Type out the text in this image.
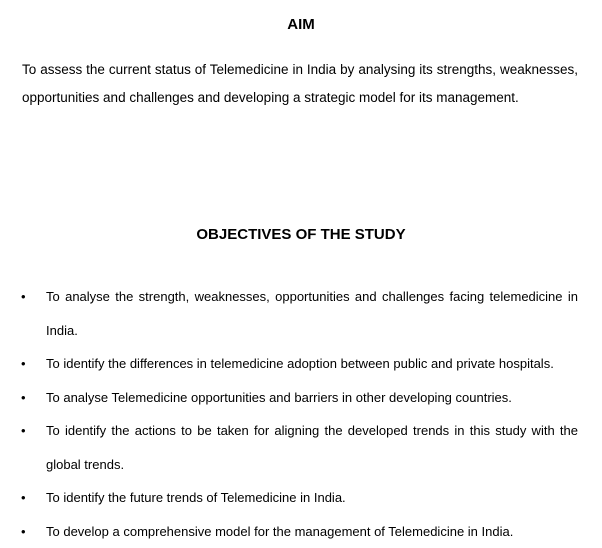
AIM

To assess the current status of Telemedicine in India by analysing its strengths, weaknesses, opportunities and challenges and developing a strategic model for its management.

OBJECTIVES OF THE STUDY
• To analyse the strength, weaknesses, opportunities and challenges facing telemedicine in India.
• To identify the differences in telemedicine adoption between public and private hospitals.
• To analyse Telemedicine opportunities and barriers in other developing countries.
• To identify the actions to be taken for aligning the developed trends in this study with the global trends.
• To identify the future trends of Telemedicine in India.
• To develop a comprehensive model for the management of Telemedicine in India.
